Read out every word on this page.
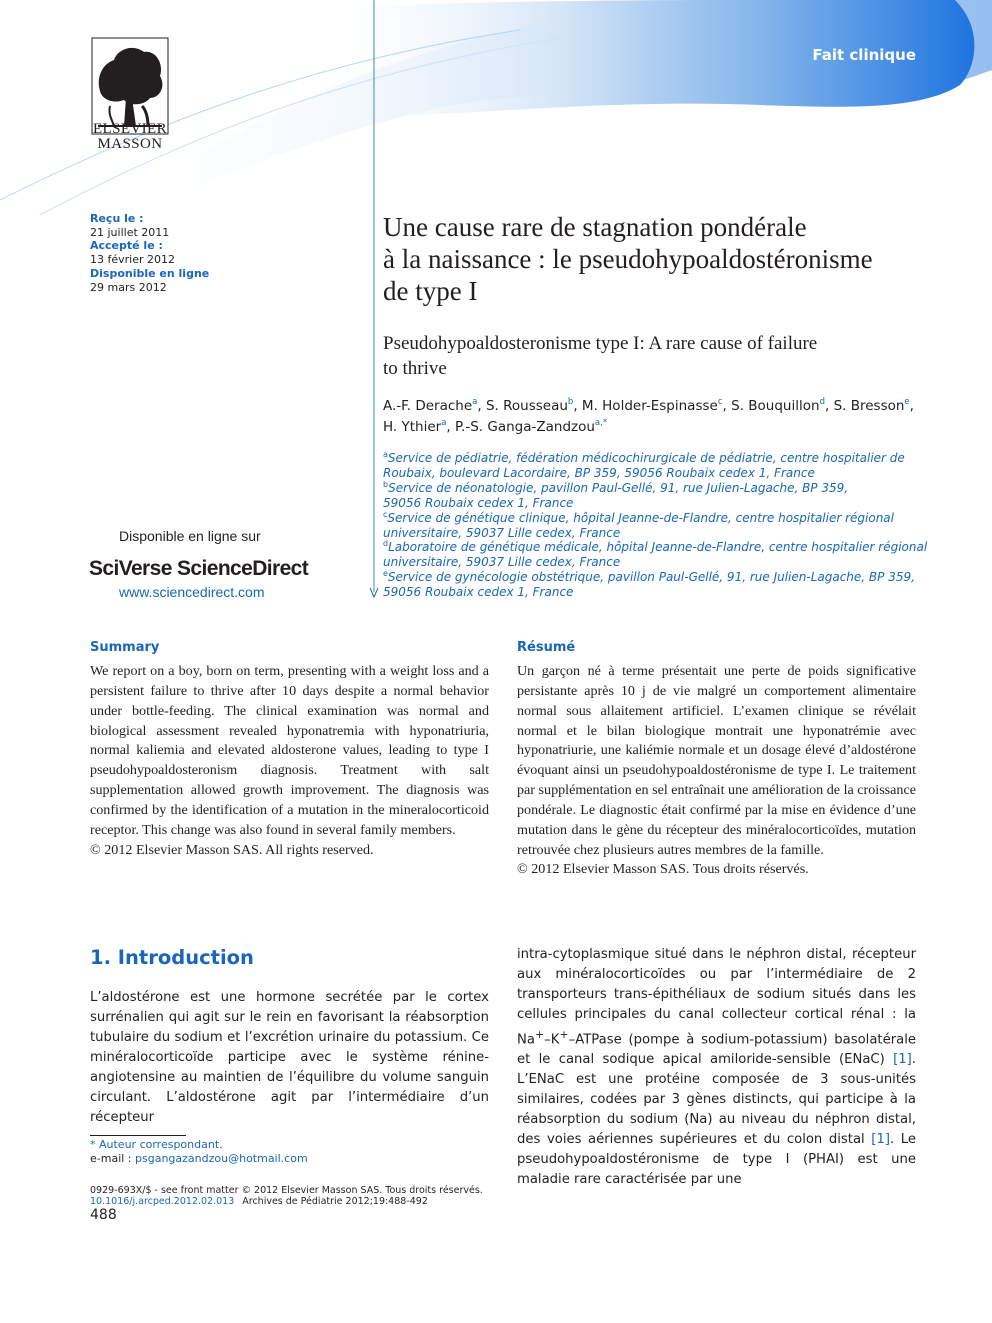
Fait clinique
ELSEVIER
MASSON
Reçu le :
21 juillet 2011
Accepté le :
13 février 2012
Disponible en ligne
29 mars 2012
Une cause rare de stagnation pondérale
à la naissance : le pseudohypoaldostéronisme
de type I
Pseudohypoaldosteronisme type I: A rare cause of failure
to thrive
A.-F. Derache$^a$, S. Rousseau$^b$, M. Holder-Espinasse$^c$, S. Bouquillon$^d$, S. Bresson$^e$,
H. Ythier$^a$, P.-S. Ganga-Zandzou$^{a,*}$
$^a$Service de pédiatrie, fédération médicochirurgicale de pédiatrie, centre hospitalier de
Roubaix, boulevard Lacordaire, BP 359, 59056 Roubaix cedex 1, France
$^b$Service de néonatologie, pavillon Paul-Gellé, 91, rue Julien-Lagache, BP 359,
59056 Roubaix cedex 1, France
$^c$Service de génétique clinique, hôpital Jeanne-de-Flandre, centre hospitalier régional
universitaire, 59037 Lille cedex, France
$^d$Laboratoire de génétique médicale, hôpital Jeanne-de-Flandre, centre hospitalier régional
universitaire, 59037 Lille cedex, France
$^e$Service de gynécologie obstétrique, pavillon Paul-Gellé, 91, rue Julien-Lagache, BP 359,
59056 Roubaix cedex 1, France
Disponible en ligne sur
SciVerse ScienceDirect
www.sciencedirect.com
Summary
We report on a boy, born on term, presenting with a weight loss and a persistent failure to thrive after 10 days despite a normal behavior under bottle-feeding. The clinical examination was normal and biological assessment revealed hyponatremia with hyponatriuria, normal kaliemia and elevated aldosterone values, leading to type I pseudohypoaldosteronism diagnosis. Treatment with salt supplementation allowed growth improvement. The diagnosis was confirmed by the identification of a mutation in the mineralocorticoid receptor. This change was also found in several family members.
© 2012 Elsevier Masson SAS. All rights reserved.
Résumé
Un garçon né à terme présentait une perte de poids significative persistante après 10 j de vie malgré un comportement alimentaire normal sous allaitement artificiel. L’examen clinique se révélait normal et le bilan biologique montrait une hyponatrémie avec hyponatriurie, une kaliémie normale et un dosage élevé d’aldostérone évoquant ainsi un pseudohypoaldostéronisme de type I. Le traitement par supplémentation en sel entraînait une amélioration de la croissance pondérale. Le diagnostic était confirmé par la mise en évidence d’une mutation dans le gène du récepteur des minéralocorticoïdes, mutation retrouvée chez plusieurs autres membres de la famille.
© 2012 Elsevier Masson SAS. Tous droits réservés.
1. Introduction
L’aldostérone est une hormone secrétée par le cortex surrénalien qui agit sur le rein en favorisant la réabsorption tubulaire du sodium et l’excrétion urinaire du potassium. Ce minéralocorticoïde participe avec le système rénine-angiotensine au maintien de l’équilibre du volume sanguin circulant. L’aldostérone agit par l’intermédiaire d’un récepteur
intra-cytoplasmique situé dans le néphron distal, récepteur aux minéralocorticoïdes ou par l’intermédiaire de 2 transporteurs trans-épithéliaux de sodium situés dans les cellules principales du canal collecteur cortical rénal : la Na+–K+–ATPase (pompe à sodium-potassium) basolatérale et le canal sodique apical amiloride-sensible (ENaC) [1]. L’ENaC est une protéine composée de 3 sous-unités similaires, codées par 3 gènes distincts, qui participe à la réabsorption du sodium (Na) au niveau du néphron distal, des voies aériennes supérieures et du colon distal [1]. Le pseudohypoaldostéronisme de type I (PHAI) est une maladie rare caractérisée par une
* Auteur correspondant.
e-mail : psgangazandzou@hotmail.com
0929-693X/$ - see front matter © 2012 Elsevier Masson SAS. Tous droits réservés.
10.1016/j.arcped.2012.02.013 Archives de Pédiatrie 2012;19:488-492
488
